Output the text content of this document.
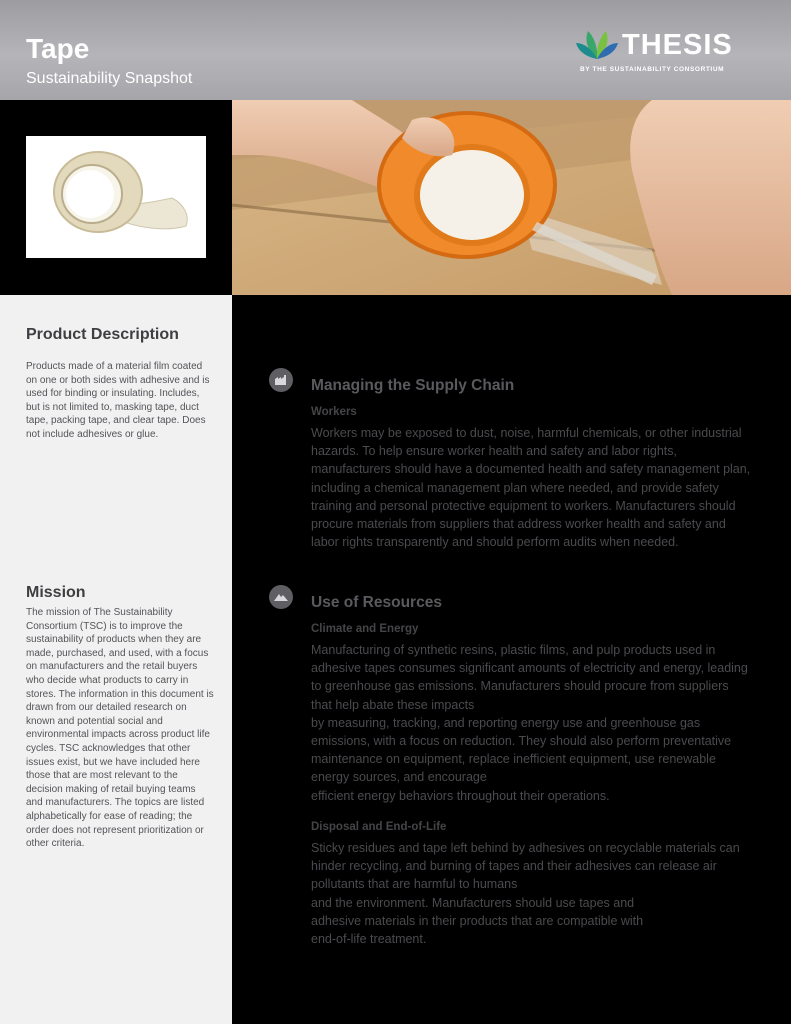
Tape
Sustainability Snapshot
THESIS
BY THE SUSTAINABILITY CONSORTIUM
Product Description
Products made of a material film coated on one or both sides with adhesive and is used for binding or insulating. Includes, but is not limited to, masking tape, duct tape, packing tape, and clear tape. Does not include adhesives or glue.
Mission
The mission of The Sustainability Consortium (TSC) is to improve the sustainability of products when they are made, purchased, and used, with a focus on manufacturers and the retail buyers who decide what products to carry in stores. The information in this document is drawn from our detailed research on known and potential social and environmental impacts across product life cycles. TSC acknowledges that other issues exist, but we have included here those that are most relevant to the decision making of retail buying teams and manufacturers. The topics are listed alphabetically for ease of reading; the order does not represent prioritization or other criteria.
Managing the Supply Chain
Workers
Workers may be exposed to dust, noise, harmful chemicals, or other industrial hazards. To help ensure worker health and safety and labor rights, manufacturers should have a documented health and safety management plan, including a chemical management plan where needed, and provide safety training and personal protective equipment to workers. Manufacturers should procure materials from suppliers that address worker health and safety and labor rights transparently and should perform audits when needed.
Use of Resources
Climate and Energy
Manufacturing of synthetic resins, plastic films, and pulp products used in adhesive tapes consumes significant amounts of electricity and energy, leading to greenhouse gas emissions. Manufacturers should procure from suppliers that help abate these impacts
by measuring, tracking, and reporting energy use and greenhouse gas emissions, with a focus on reduction. They should also perform preventative maintenance on equipment, replace inefficient equipment, use renewable energy sources, and encourage
efficient energy behaviors throughout their operations.
Disposal and End-of-Life
Sticky residues and tape left behind by adhesives on recyclable materials can hinder recycling, and burning of tapes and their adhesives can release air pollutants that are harmful to humans
and the environment. Manufacturers should use tapes and
adhesive materials in their products that are compatible with
end-of-life treatment.
